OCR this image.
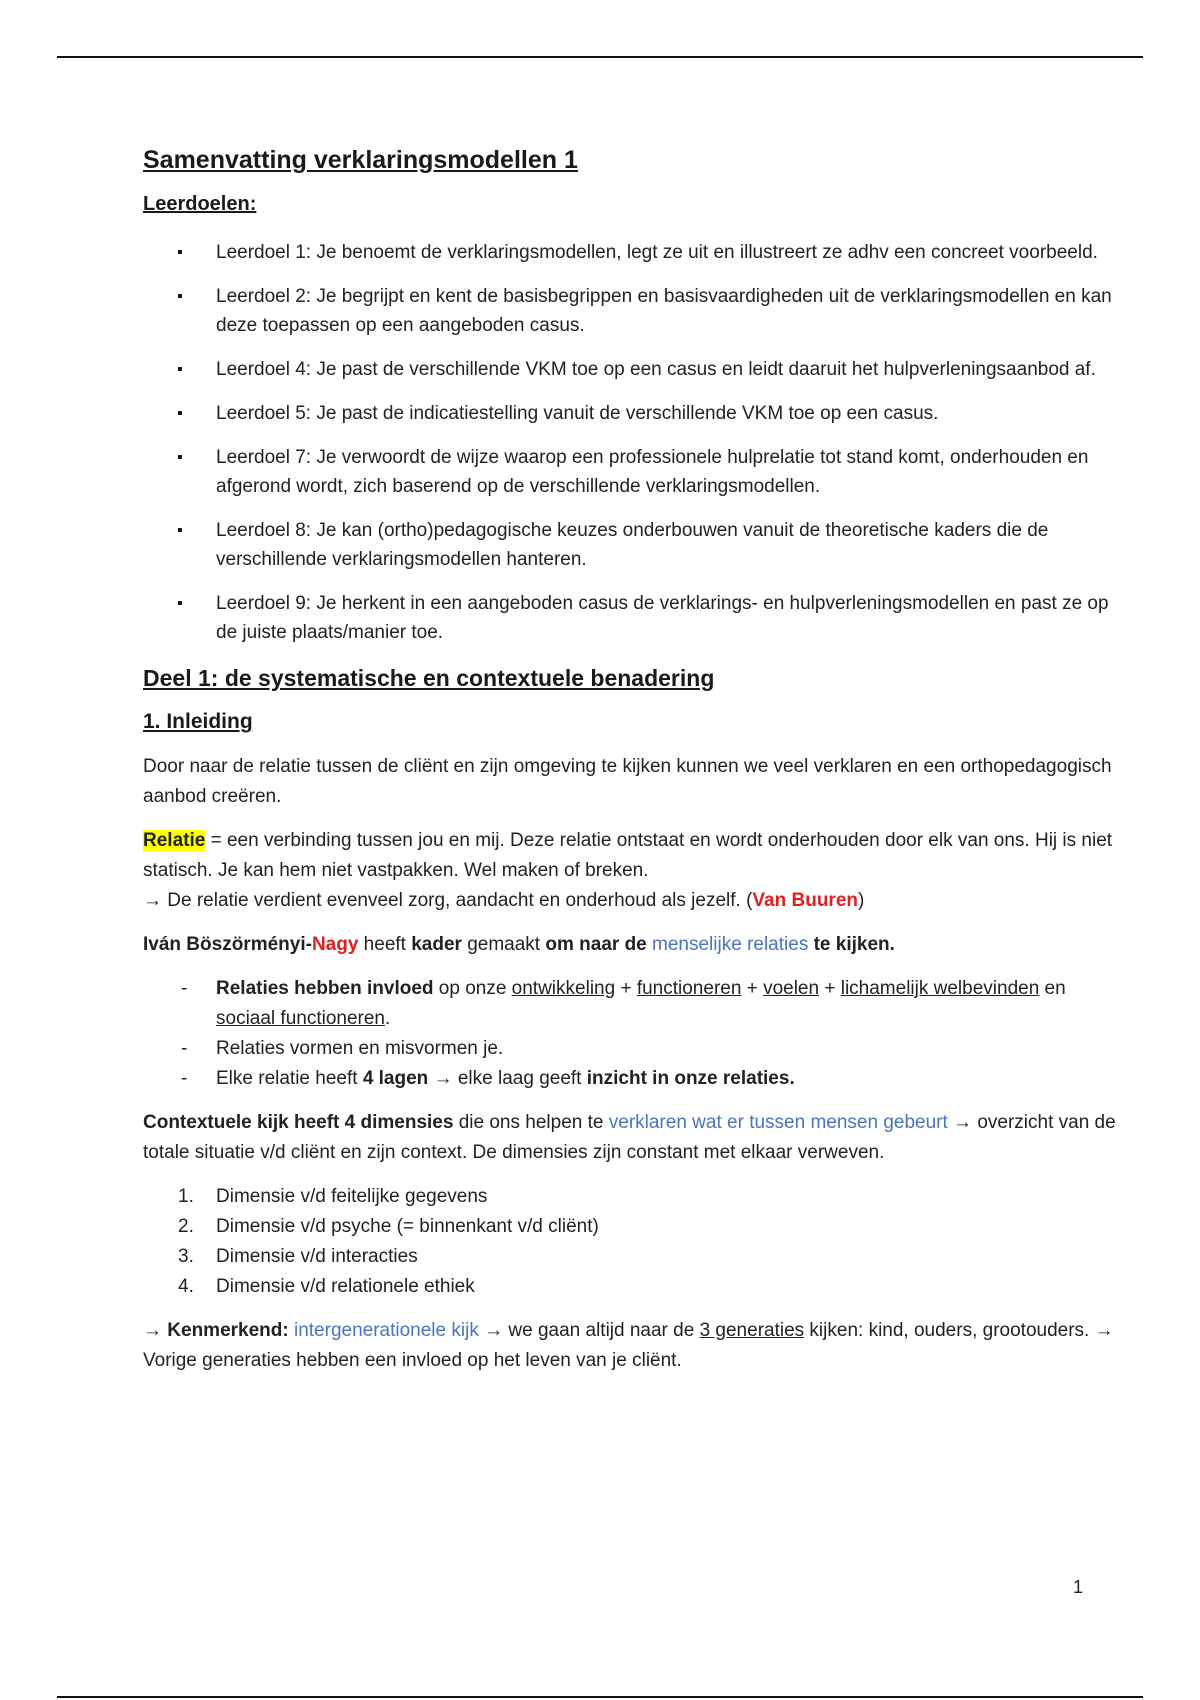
Samenvatting verklaringsmodellen 1
Leerdoelen:
▪ Leerdoel 1: Je benoemt de verklaringsmodellen, legt ze uit en illustreert ze adhv een concreet voorbeeld.
▪ Leerdoel 2: Je begrijpt en kent de basisbegrippen en basisvaardigheden uit de verklaringsmodellen en kan deze toepassen op een aangeboden casus.
▪ Leerdoel 4: Je past de verschillende VKM toe op een casus en leidt daaruit het hulpverleningsaanbod af.
▪ Leerdoel 5: Je past de indicatiestelling vanuit de verschillende VKM toe op een casus.
▪ Leerdoel 7: Je verwoordt de wijze waarop een professionele hulprelatie tot stand komt, onderhouden en afgerond wordt, zich baserend op de verschillende verklaringsmodellen.
▪ Leerdoel 8: Je kan (ortho)pedagogische keuzes onderbouwen vanuit de theoretische kaders die de verschillende verklaringsmodellen hanteren.
▪ Leerdoel 9: Je herkent in een aangeboden casus de verklarings- en hulpverleningsmodellen en past ze op de juiste plaats/manier toe.
Deel 1: de systematische en contextuele benadering
1. Inleiding

Door naar de relatie tussen de cliënt en zijn omgeving te kijken kunnen we veel verklaren en een orthopedagogisch aanbod creëren.

Relatie = een verbinding tussen jou en mij. Deze relatie ontstaat en wordt onderhouden door elk van ons. Hij is niet statisch. Je kan hem niet vastpakken. Wel maken of breken.
→ De relatie verdient evenveel zorg, aandacht en onderhoud als jezelf. (Van Buuren)

Iván Böszörményi-Nagy heeft kader gemaakt om naar de menselijke relaties te kijken.

- Relaties hebben invloed op onze ontwikkeling + functioneren + voelen + lichamelijk welbevinden en sociaal functioneren.
- Relaties vormen en misvormen je.
- Elke relatie heeft 4 lagen → elke laag geeft inzicht in onze relaties.

Contextuele kijk heeft 4 dimensies die ons helpen te verklaren wat er tussen mensen gebeurt → overzicht van de totale situatie v/d cliënt en zijn context. De dimensies zijn constant met elkaar verweven.

1. Dimensie v/d feitelijke gegevens
2. Dimensie v/d psyche (= binnenkant v/d cliënt)
3. Dimensie v/d interacties
4. Dimensie v/d relationele ethiek

→ Kenmerkend: intergenerationele kijk → we gaan altijd naar de 3 generaties kijken: kind, ouders, grootouders. → Vorige generaties hebben een invloed op het leven van je cliënt.

1
